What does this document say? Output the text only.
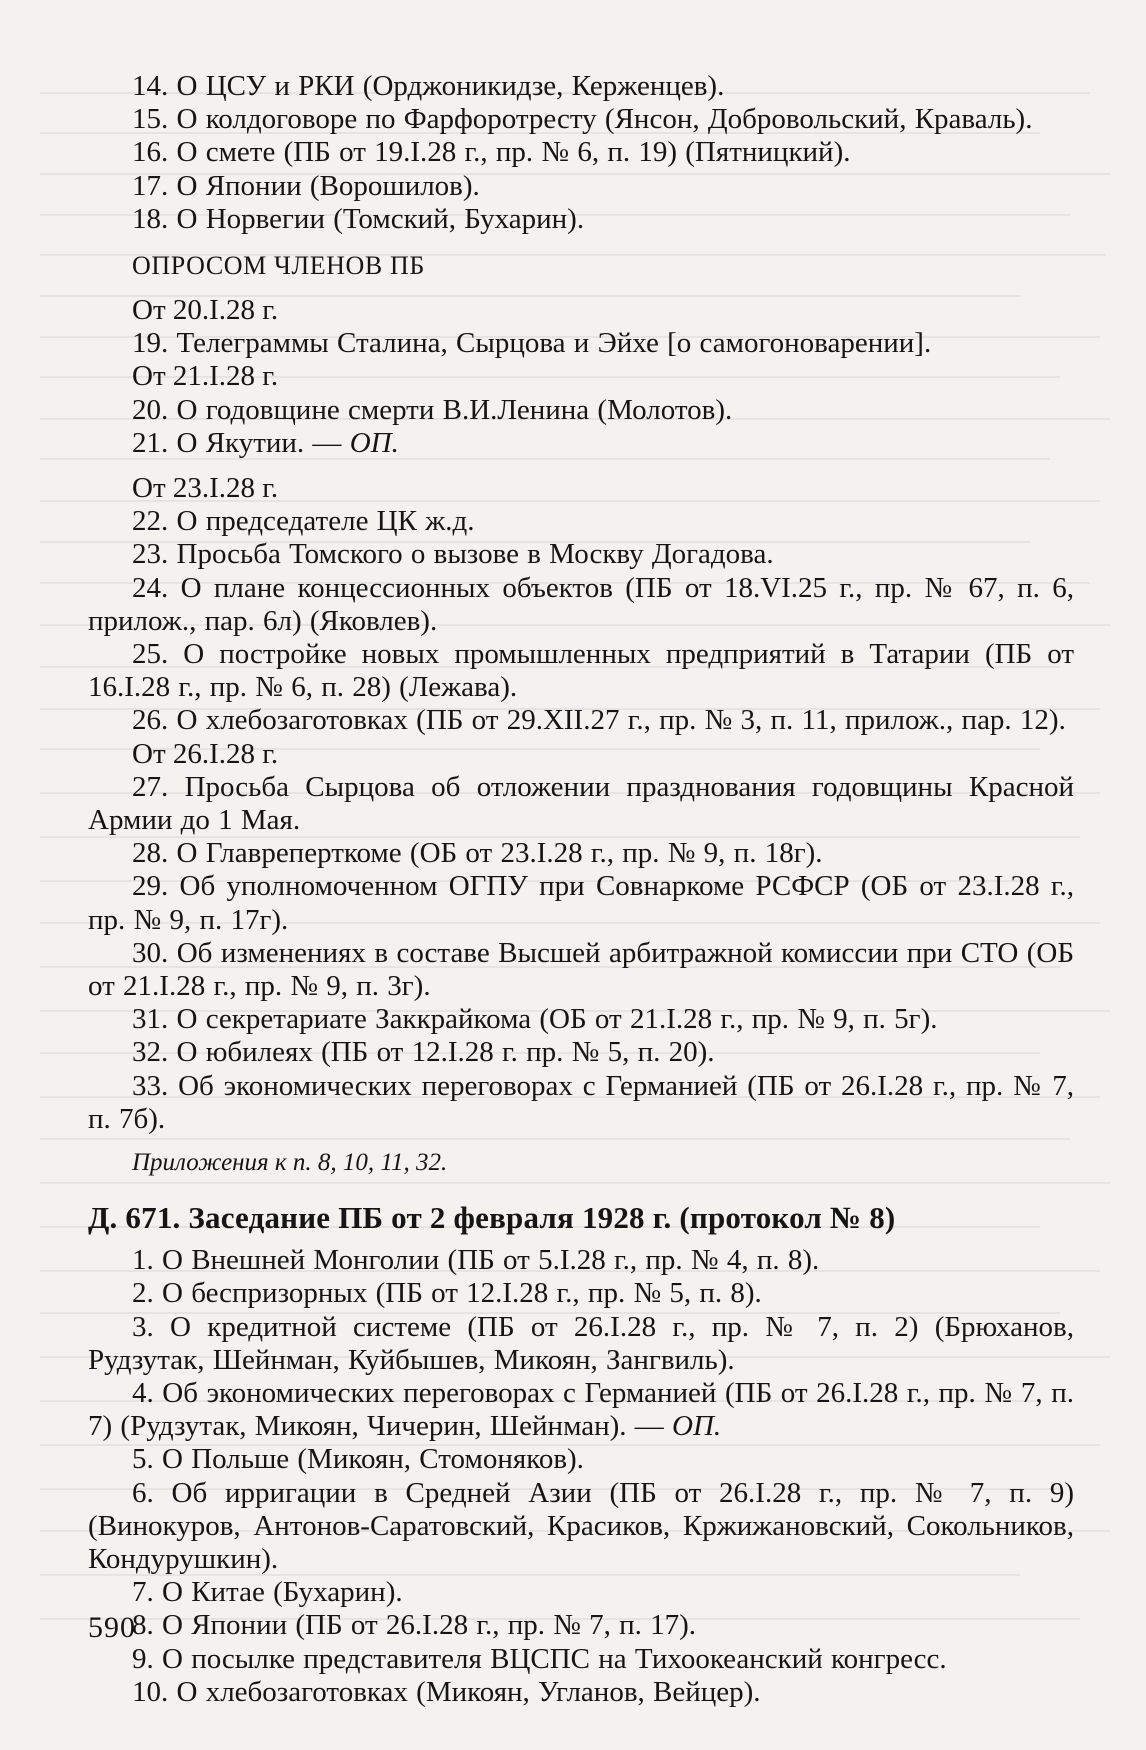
14. О ЦСУ и РКИ (Орджоникидзе, Керженцев).

15. О колдоговоре по Фарфоротресту (Янсон, Добровольский, Краваль).

16. О смете (ПБ от 19.I.28 г., пр. № 6, п. 19) (Пятницкий).

17. О Японии (Ворошилов).

18. О Норвегии (Томский, Бухарин).

ОПРОСОМ ЧЛЕНОВ ПБ

От 20.I.28 г.

19. Телеграммы Сталина, Сырцова и Эйхе [о самогоноварении].

От 21.I.28 г.

20. О годовщине смерти В.И.Ленина (Молотов).

21. О Якутии. — ОП.

От 23.I.28 г.

22. О председателе ЦК ж.д.

23. Просьба Томского о вызове в Москву Догадова.

24. О плане концессионных объектов (ПБ от 18.VI.25 г., пр. № 67, п. 6, прилож., пар. 6л) (Яковлев).

25. О постройке новых промышленных предприятий в Татарии (ПБ от 16.I.28 г., пр. № 6, п. 28) (Лежава).

26. О хлебозаготовках (ПБ от 29.XII.27 г., пр. № 3, п. 11, прилож., пар. 12).

От 26.I.28 г.

27. Просьба Сырцова об отложении празднования годовщины Красной Армии до 1 Мая.

28. О Главреперткоме (ОБ от 23.I.28 г., пр. № 9, п. 18г).

29. Об уполномоченном ОГПУ при Совнаркоме РСФСР (ОБ от 23.I.28 г., пр. № 9, п. 17г).

30. Об изменениях в составе Высшей арбитражной комиссии при СТО (ОБ от 21.I.28 г., пр. № 9, п. 3г).

31. О секретариате Заккрайкома (ОБ от 21.I.28 г., пр. № 9, п. 5г).

32. О юбилеях (ПБ от 12.I.28 г. пр. № 5, п. 20).

33. Об экономических переговорах с Германией (ПБ от 26.I.28 г., пр. № 7, п. 7б).

Приложения к п. 8, 10, 11, 32.

Д. 671. Заседание ПБ от 2 февраля 1928 г. (протокол № 8)

1. О Внешней Монголии (ПБ от 5.I.28 г., пр. № 4, п. 8).

2. О беспризорных (ПБ от 12.I.28 г., пр. № 5, п. 8).

3. О кредитной системе (ПБ от 26.I.28 г., пр. № 7, п. 2) (Брюханов, Рудзутак, Шейнман, Куйбышев, Микоян, Зангвиль).

4. Об экономических переговорах с Германией (ПБ от 26.I.28 г., пр. № 7, п. 7) (Рудзутак, Микоян, Чичерин, Шейнман). — ОП.

5. О Польше (Микоян, Стомоняков).

6. Об ирригации в Средней Азии (ПБ от 26.I.28 г., пр. № 7, п. 9) (Винокуров, Антонов-Саратовский, Красиков, Кржижановский, Сокольников, Кондурушкин).

7. О Китае (Бухарин).

8. О Японии (ПБ от 26.I.28 г., пр. № 7, п. 17).

9. О посылке представителя ВЦСПС на Тихоокеанский конгресс.

10. О хлебозаготовках (Микоян, Угланов, Вейцер).

590
